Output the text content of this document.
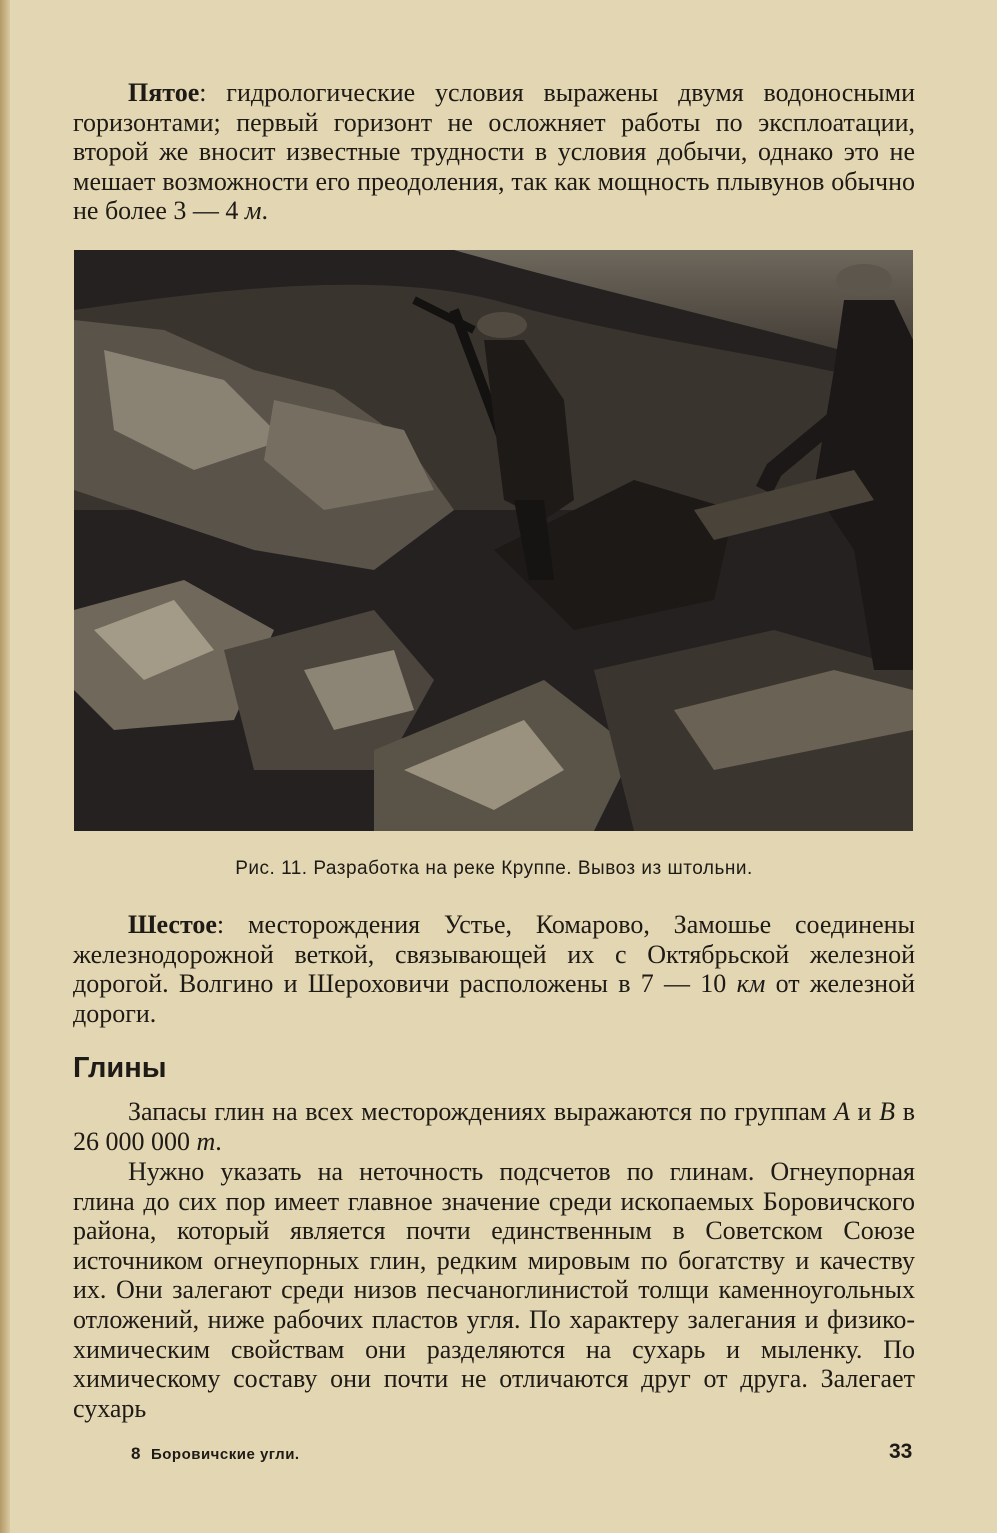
Пятое: гидрологические условия выражены двумя водоносными горизонтами; первый горизонт не осложняет работы по эксплоатации, второй же вносит известные трудности в условия добычи, однако это не мешает возможности его преодоления, так как мощность плывунов обычно не более 3 — 4 м.

Рис. 11. Разработка на реке Круппе. Вывоз из штольни.

Шестое: месторождения Устье, Комарово, Замошье соединены железнодорожной веткой, связывающей их с Октябрьской железной дорогой. Волгино и Шероховичи расположены в 7 — 10 км от железной дороги.

Глины

Запасы глин на всех месторождениях выражаются по группам А и В в 26 000 000 т.

Нужно указать на неточность подсчетов по глинам. Огнеупорная глина до сих пор имеет главное значение среди ископаемых Боровичского района, который является почти единственным в Советском Союзе источником огнеупорных глин, редким мировым по богатству и качеству их. Они залегают среди низов песчаноглинистой толщи каменноугольных отложений, ниже рабочих пластов угля. По характеру залегания и физико-химическим свойствам они разделяются на сухарь и мыленку. По химическому составу они почти не отличаются друг от друга. Залегает сухарь

8 Боровичские угли.	33
